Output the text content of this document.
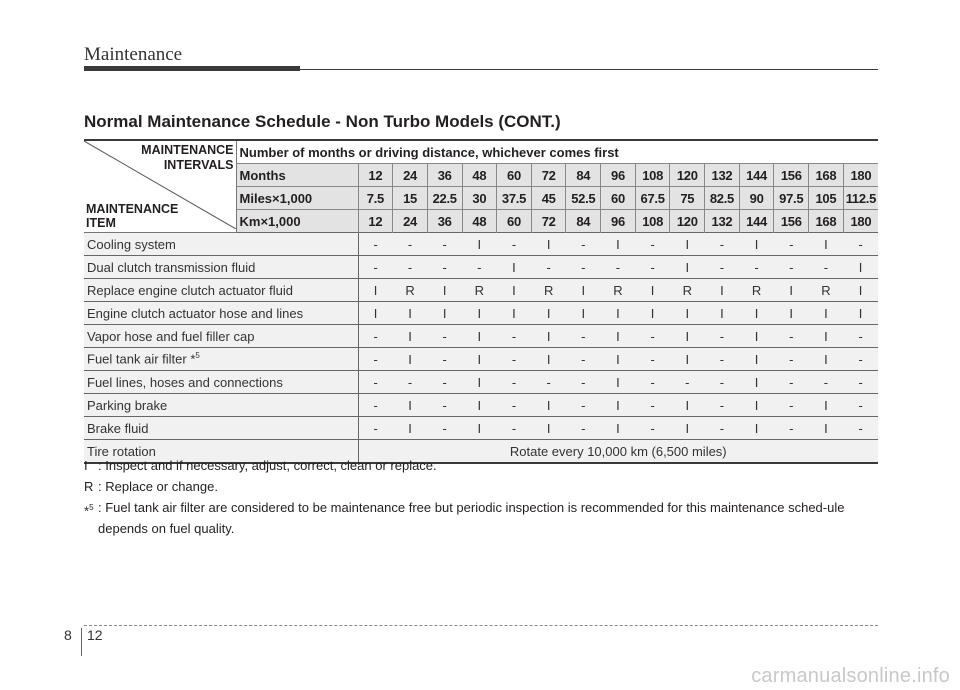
Maintenance
Normal Maintenance Schedule - Non Turbo Models (CONT.)
MAINTENANCE
INTERVALS
MAINTENANCE
ITEM	Number of months or driving distance, whichever comes first															
	Months	12	24	36	48	60	72	84	96	108	120	132	144	156	168	180
	Miles×1,000	7.5	15	22.5	30	37.5	45	52.5	60	67.5	75	82.5	90	97.5	105	112.5
	Km×1,000	12	24	36	48	60	72	84	96	108	120	132	144	156	168	180
Cooling system		-	-	-	I	-	I	-	I	-	I	-	I	-	I	-
Dual clutch transmission fluid		-	-	-	-	I	-	-	-	-	I	-	-	-	-	I
Replace engine clutch actuator fluid		I	R	I	R	I	R	I	R	I	R	I	R	I	R	I
Engine clutch actuator hose and lines		I	I	I	I	I	I	I	I	I	I	I	I	I	I	I
Vapor hose and fuel filler cap		-	I	-	I	-	I	-	I	-	I	-	I	-	I	-
Fuel tank air filter *$^5$		-	I	-	I	-	I	-	I	-	I	-	I	-	I	-
Fuel lines, hoses and connections		-	-	-	I	-	-	-	I	-	-	-	I	-	-	-
Parking brake		-	I	-	I	-	I	-	I	-	I	-	I	-	I	-
Brake fluid		-	I	-	I	-	I	-	I	-	I	-	I	-	I	-
Tire rotation		Rotate every 10,000 km (6,500 miles)														
I : Inspect and if necessary, adjust, correct, clean or replace.
R : Replace or change.
*$^5$ : Fuel tank air filter are considered to be maintenance free but periodic inspection is recommended for this maintenance sched-ule depends on fuel quality.
8 12
carmanualsonline.info
